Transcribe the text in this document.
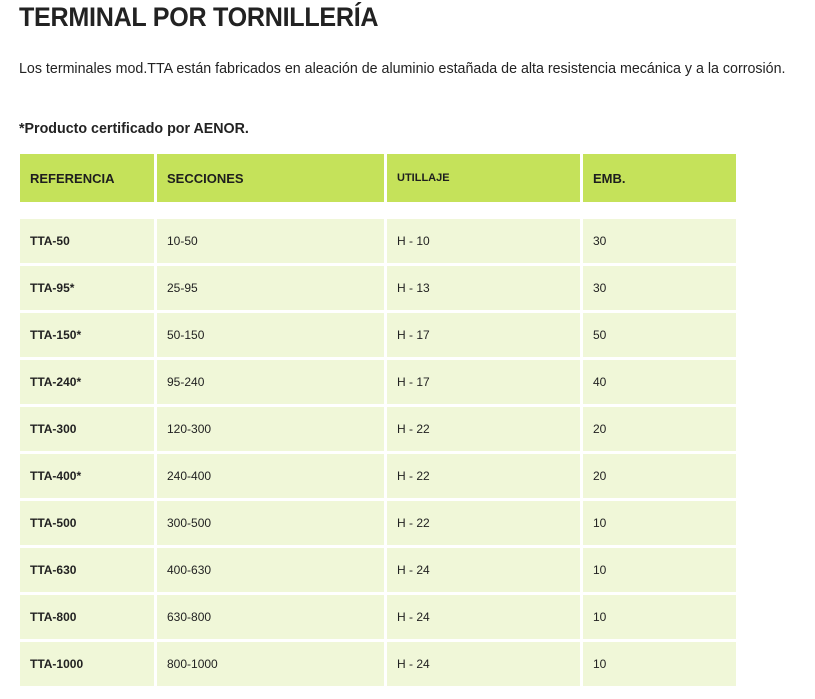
TERMINAL POR TORNILLERÍA

Los terminales mod.TTA están fabricados en aleación de aluminio estañada de alta resistencia mecánica y a la corrosión.

*Producto certificado por AENOR.

REFERENCIA	SECCIONES	UTILLAJE	EMB.
TTA-50	10-50	H - 10	30
TTA-95*	25-95	H - 13	30
TTA-150*	50-150	H - 17	50
TTA-240*	95-240	H - 17	40
TTA-300	120-300	H - 22	20
TTA-400*	240-400	H - 22	20
TTA-500	300-500	H - 22	10
TTA-630	400-630	H - 24	10
TTA-800	630-800	H - 24	10
TTA-1000	800-1000	H - 24	10
